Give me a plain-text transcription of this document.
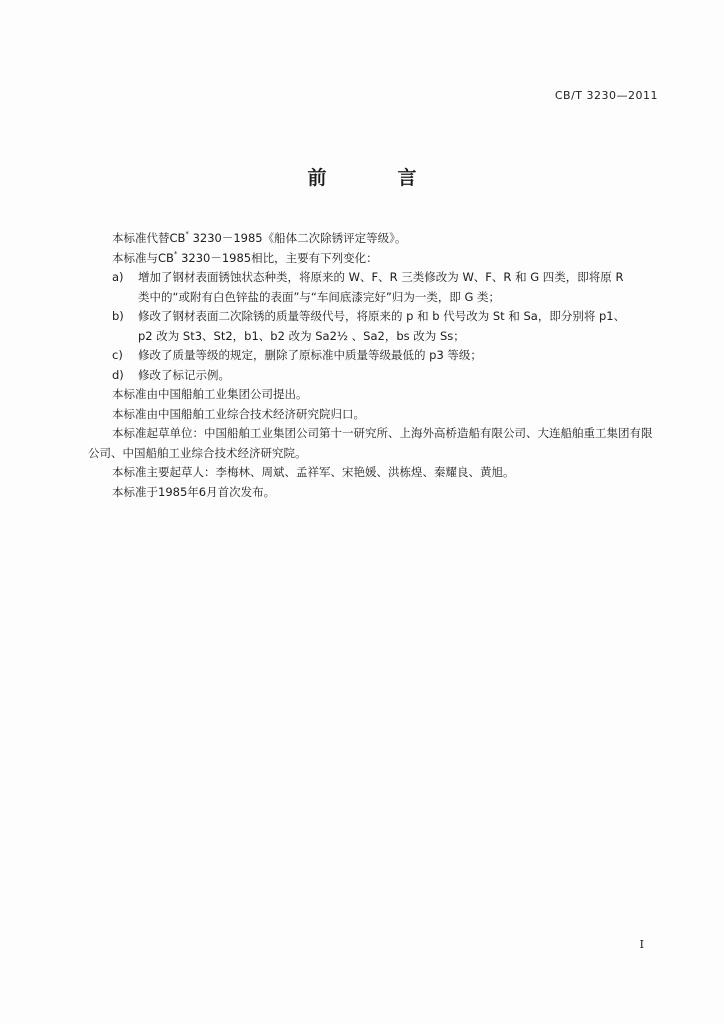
CB/T 3230—2011
前　言

本标准代替CB* 3230－1985《船体二次除锈评定等级》。

本标准与CB* 3230－1985相比，主要有下列变化：

a) 增加了钢材表面锈蚀状态种类，将原来的 W、F、R 三类修改为 W、F、R 和 G 四类，即将原 R
类中的“或附有白色锌盐的表面”与“车间底漆完好”归为一类，即 G 类；
b) 修改了钢材表面二次除锈的质量等级代号，将原来的 p 和 b 代号改为 St 和 Sa，即分别将 p1、
p2 改为 St3、St2，b1、b2 改为 Sa2½ 、Sa2，bs 改为 Ss；
c) 修改了质量等级的规定，删除了原标准中质量等级最低的 p3 等级；
d) 修改了标记示例。

本标准由中国船舶工业集团公司提出。

本标准由中国船舶工业综合技术经济研究院归口。

本标准起草单位：中国船舶工业集团公司第十一研究所、上海外高桥造船有限公司、大连船舶重工集团有限公司、中国船舶工业综合技术经济研究院。

本标准主要起草人：李梅林、周斌、孟祥军、宋艳媛、洪栋煌、秦耀良、黄旭。

本标准于1985年6月首次发布。

I
